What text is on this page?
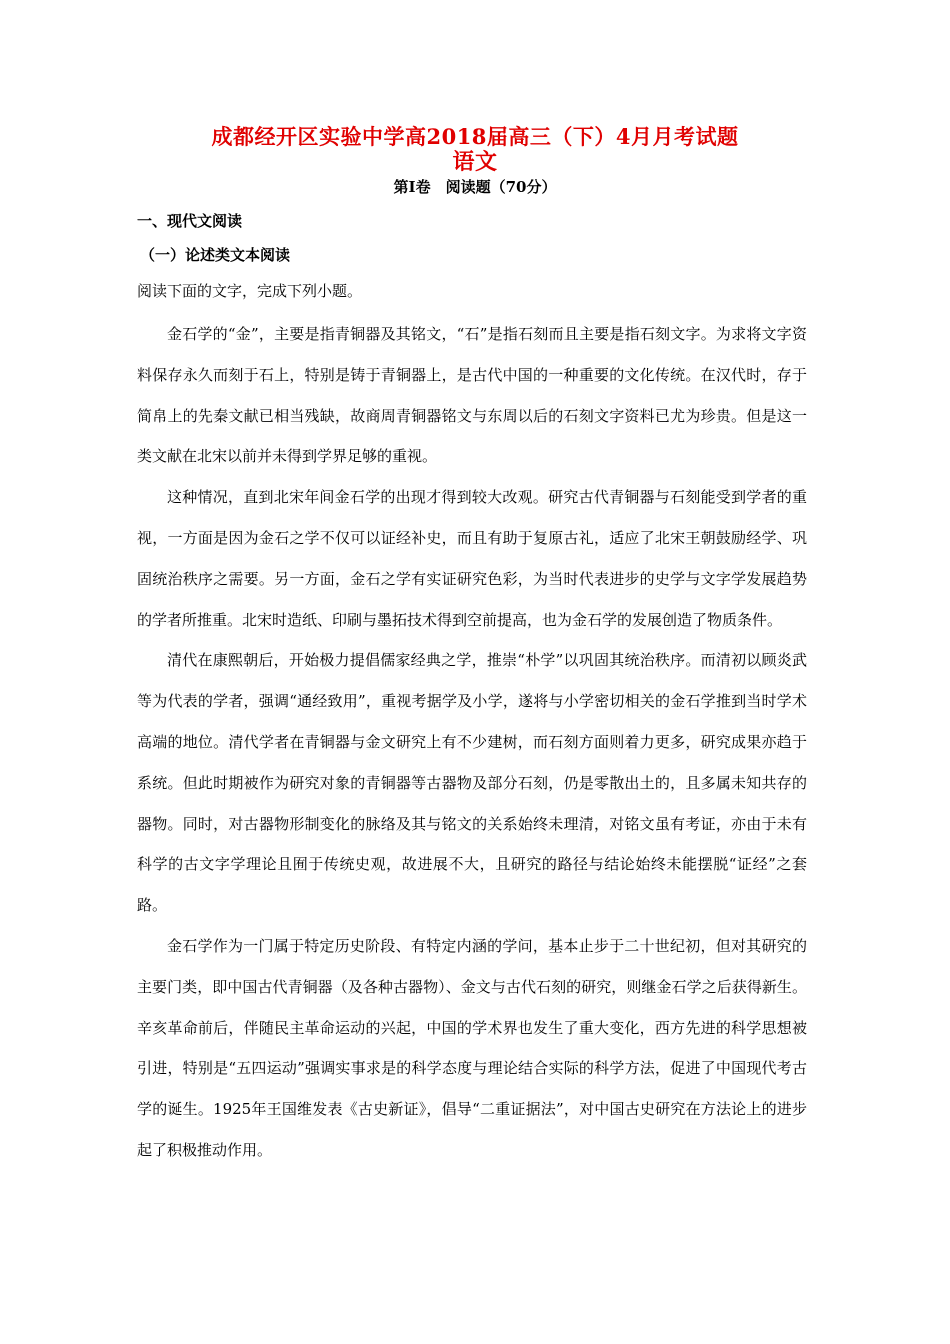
成都经开区实验中学高2018届高三（下）4月月考试题
语文
第Ⅰ卷　阅读题（70分）
一、现代文阅读
（一）论述类文本阅读
阅读下面的文字，完成下列小题。

金石学的“金”，主要是指青铜器及其铭文，“石”是指石刻而且主要是指石刻文字。为求将文字资料保存永久而刻于石上，特别是铸于青铜器上，是古代中国的一种重要的文化传统。在汉代时，存于简帛上的先秦文献已相当残缺，故商周青铜器铭文与东周以后的石刻文字资料已尤为珍贵。但是这一类文献在北宋以前并未得到学界足够的重视。

这种情况，直到北宋年间金石学的出现才得到较大改观。研究古代青铜器与石刻能受到学者的重视，一方面是因为金石之学不仅可以证经补史，而且有助于复原古礼，适应了北宋王朝鼓励经学、巩固统治秩序之需要。另一方面，金石之学有实证研究色彩，为当时代表进步的史学与文字学发展趋势的学者所推重。北宋时造纸、印刷与墨拓技术得到空前提高，也为金石学的发展创造了物质条件。

清代在康熙朝后，开始极力提倡儒家经典之学，推崇“朴学”以巩固其统治秩序。而清初以顾炎武等为代表的学者，强调“通经致用”，重视考据学及小学，遂将与小学密切相关的金石学推到当时学术高端的地位。清代学者在青铜器与金文研究上有不少建树，而石刻方面则着力更多，研究成果亦趋于系统。但此时期被作为研究对象的青铜器等古器物及部分石刻，仍是零散出土的，且多属未知共存的器物。同时，对古器物形制变化的脉络及其与铭文的关系始终未理清，对铭文虽有考证，亦由于未有科学的古文字学理论且囿于传统史观，故进展不大，且研究的路径与结论始终未能摆脱“证经”之套路。

金石学作为一门属于特定历史阶段、有特定内涵的学问，基本止步于二十世纪初，但对其研究的主要门类，即中国古代青铜器（及各种古器物）、金文与古代石刻的研究，则继金石学之后获得新生。辛亥革命前后，伴随民主革命运动的兴起，中国的学术界也发生了重大变化，西方先进的科学思想被引进，特别是“五四运动”强调实事求是的科学态度与理论结合实际的科学方法，促进了中国现代考古学的诞生。1925年王国维发表《古史新证》，倡导“二重证据法”，对中国古史研究在方法论上的进步起了积极推动作用。
